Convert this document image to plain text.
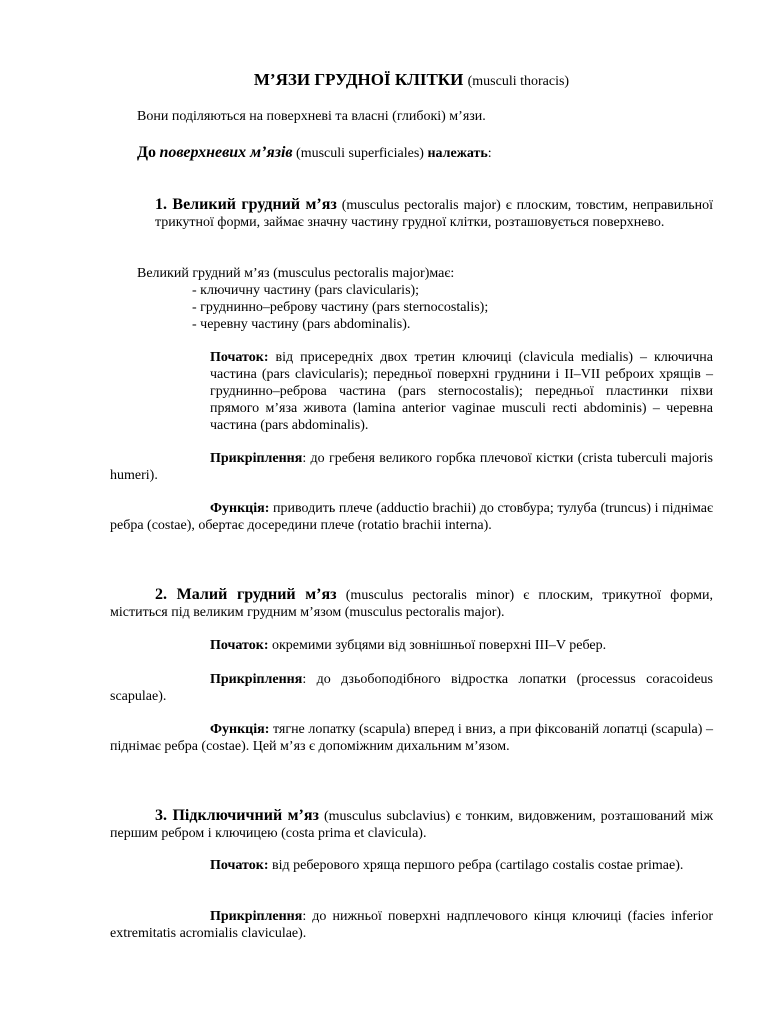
М’ЯЗИ ГРУДНОЇ КЛІТКИ (musculi thoracis)

Вони поділяються на поверхневі та власні (глибокі) м’язи.

До поверхневих м’язів (musculi superficiales) належать:

1. Великий грудний м’яз (musculus pectoralis major) є плоским, товстим, неправильної трикутної форми, займає значну частину грудної клітки, розташовується поверхнево.

Великий грудний м’яз (musculus pectoralis major)має:

- ключичну частину (pars clavicularis);
- груднинно–реброву частину (pars sternocostalis);
- черевну частину (pars abdominalis).

Початок: від присередніх двох третин ключиці (clavicula medialis) – ключична частина (pars clavicularis); передньої поверхні груднини і II–VII реброих хрящів – груднинно–реброва частина (pars sternocostalis); передньої пластинки піхви прямого м’яза живота (lamina anterior vaginae musculi recti abdominis) – черевна частина (pars abdominalis).

Прикріплення: до гребеня великого горбка плечової кістки (crista tuberculi majoris humeri).

Функція: приводить плече (adductio brachii) до стовбура; тулуба (truncus) і піднімає ребра (costae), обертає досередини плече (rotatio brachii interna).

2. Малий грудний м’яз (musculus pectoralis minor) є плоским, трикутної форми, міститься під великим грудним м’язом (musculus pectoralis major).

Початок: окремими зубцями від зовнішньої поверхні III–V ребер.

Прикріплення: до дзьобоподібного відростка лопатки (processus coracoideus scapulae).

Функція: тягне лопатку (scapula) вперед і вниз, а при фіксованій лопатці (scapula) – піднімає ребра (costae). Цей м’яз є допоміжним дихальним м’язом.

3. Підключичний м’яз (musculus subclavius) є тонким, видовженим, розташований між першим ребром і ключицею (costa prima et clavicula).

Початок: від реберового хряща першого ребра (cartilago costalis costae primae).

Прикріплення: до нижньої поверхні надплечового кінця ключиці (facies inferior extremitatis acromialis claviculae).
